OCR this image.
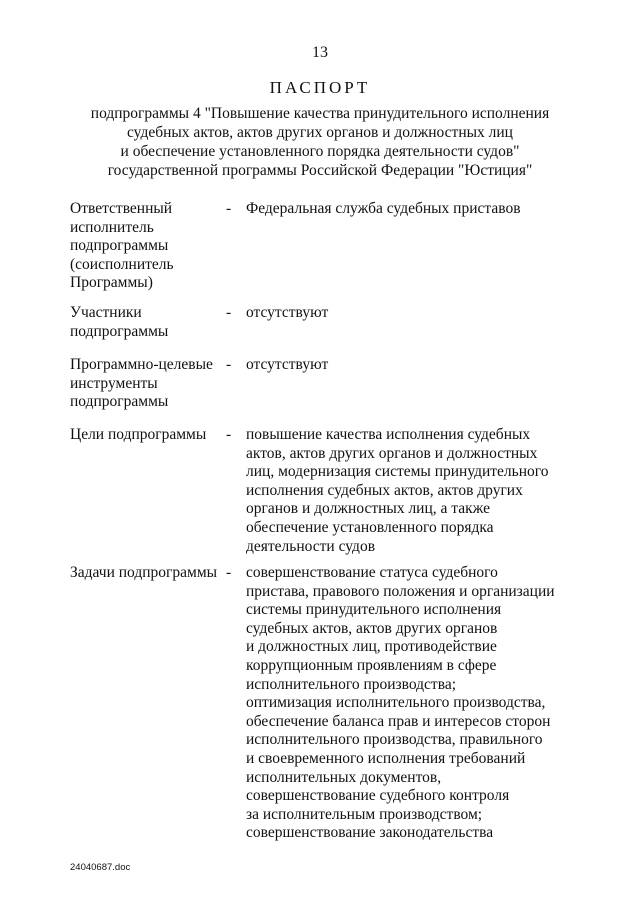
13
ПАСПОРТ
подпрограммы 4 "Повышение качества принудительного исполнения
судебных актов, актов других органов и должностных лиц
и обеспечение установленного порядка деятельности судов"
государственной программы Российской Федерации "Юстиция"
Ответственный
исполнитель
подпрограммы
(соисполнитель
Программы)
- Федеральная служба судебных приставов
Участники
подпрограммы
- отсутствуют
Программно-целевые
инструменты
подпрограммы
- отсутствуют
Цели подпрограммы	- повышение качества исполнения судебных
актов, актов других органов и должностных
лиц, модернизация системы принудительного
исполнения судебных актов, актов других
органов и должностных лиц, а также
обеспечение установленного порядка
деятельности судов
Задачи подпрограммы - совершенствование статуса судебного
пристава, правового положения и организации
системы принудительного исполнения
судебных актов, актов других органов
и должностных лиц, противодействие
коррупционным проявлениям в сфере
исполнительного производства;
оптимизация исполнительного производства,
обеспечение баланса прав и интересов сторон
исполнительного производства, правильного
и своевременного исполнения требований
исполнительных документов,
совершенствование судебного контроля
за исполнительным производством;
совершенствование законодательства
24040687.doc
